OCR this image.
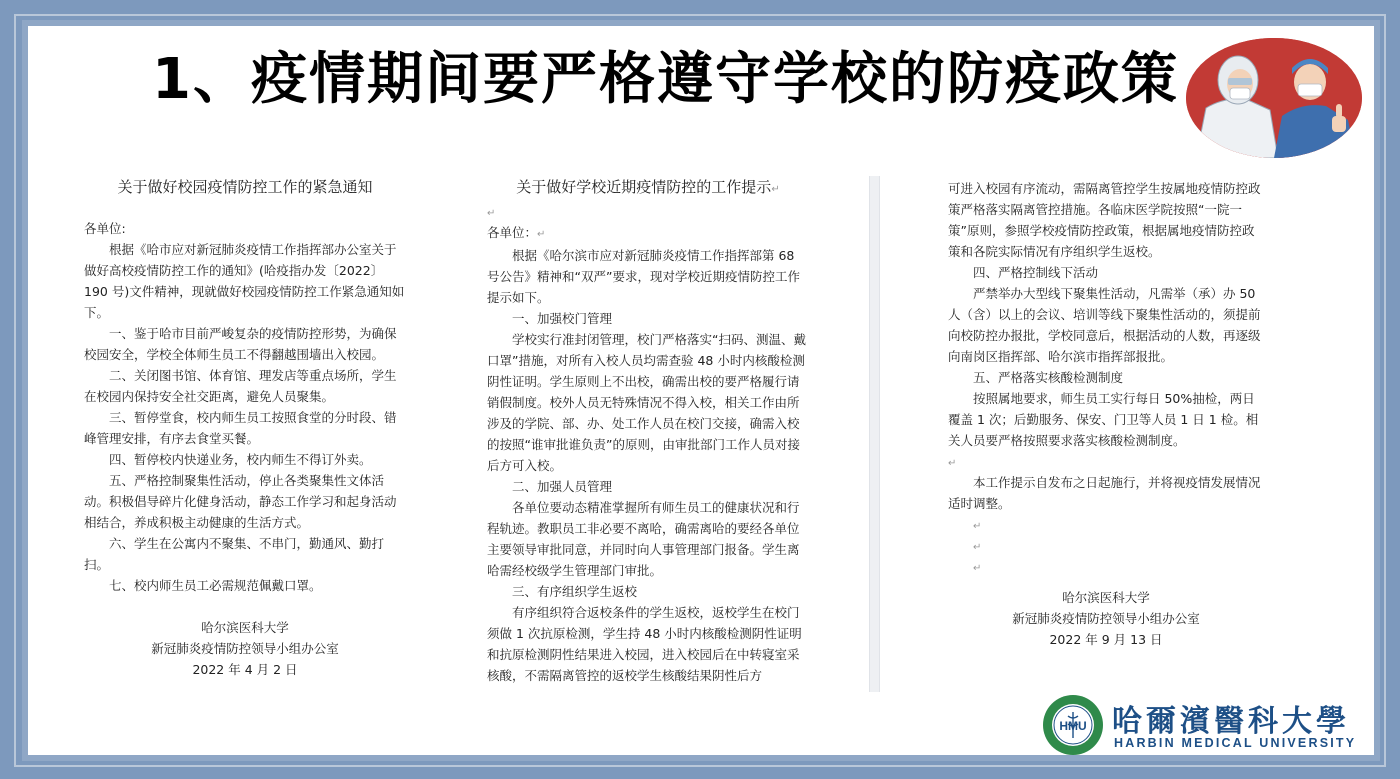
1、疫情期间要严格遵守学校的防疫政策

关于做好校园疫情防控工作的紧急通知

各单位:

根据《哈市应对新冠肺炎疫情工作指挥部办公室关于做好高校疫情防控工作的通知》(哈疫指办发〔2022〕190 号)文件精神，现就做好校园疫情防控工作紧急通知如下。

一、鉴于哈市目前严峻复杂的疫情防控形势，为确保校园安全，学校全体师生员工不得翻越围墙出入校园。

二、关闭图书馆、体育馆、理发店等重点场所，学生在校园内保持安全社交距离，避免人员聚集。

三、暂停堂食，校内师生员工按照食堂的分时段、错峰管理安排，有序去食堂买餐。

四、暂停校内快递业务，校内师生不得订外卖。

五、严格控制聚集性活动，停止各类聚集性文体活动。积极倡导碎片化健身活动，静态工作学习和起身活动相结合，养成积极主动健康的生活方式。

六、学生在公寓内不聚集、不串门，勤通风、勤打扫。

七、校内师生员工必需规范佩戴口罩。

哈尔滨医科大学

新冠肺炎疫情防控领导小组办公室

2022 年 4 月 2 日

关于做好学校近期疫情防控的工作提示↵

↵

各单位：↵

根据《哈尔滨市应对新冠肺炎疫情工作指挥部第 68 号公告》精神和“双严”要求，现对学校近期疫情防控工作提示如下。

一、加强校门管理

学校实行准封闭管理，校门严格落实“扫码、测温、戴口罩”措施，对所有入校人员均需查验 48 小时内核酸检测阴性证明。学生原则上不出校，确需出校的要严格履行请销假制度。校外人员无特殊情况不得入校，相关工作由所涉及的学院、部、办、处工作人员在校门交接，确需入校的按照“谁审批谁负责”的原则，由审批部门工作人员对接后方可入校。

二、加强人员管理

各单位要动态精准掌握所有师生员工的健康状况和行程轨迹。教职员工非必要不离哈，确需离哈的要经各单位主要领导审批同意，并同时向人事管理部门报备。学生离哈需经校级学生管理部门审批。

三、有序组织学生返校

有序组织符合返校条件的学生返校，返校学生在校门须做 1 次抗原检测，学生持 48 小时内核酸检测阴性证明和抗原检测阴性结果进入校园，进入校园后在中转寝室采核酸，不需隔离管控的返校学生核酸结果阴性后方

可进入校园有序流动，需隔离管控学生按属地疫情防控政策严格落实隔离管控措施。各临床医学院按照“一院一策”原则，参照学校疫情防控政策，根据属地疫情防控政策和各院实际情况有序组织学生返校。

四、严格控制线下活动

严禁举办大型线下聚集性活动，凡需举（承）办 50 人（含）以上的会议、培训等线下聚集性活动的，须提前向校防控办报批，学校同意后，根据活动的人数，再逐级向南岗区指挥部、哈尔滨市指挥部报批。

五、严格落实核酸检测制度

按照属地要求，师生员工实行每日 50%抽检，两日覆盖 1 次；后勤服务、保安、门卫等人员 1 日 1 检。相关人员要严格按照要求落实核酸检测制度。

↵

本工作提示自发布之日起施行，并将视疫情发展情况适时调整。

↵

↵

↵

哈尔滨医科大学

新冠肺炎疫情防控领导小组办公室

2022 年 9 月 13 日

HMU 哈爾濱醫科大學
HARBIN MEDICAL UNIVERSITY
